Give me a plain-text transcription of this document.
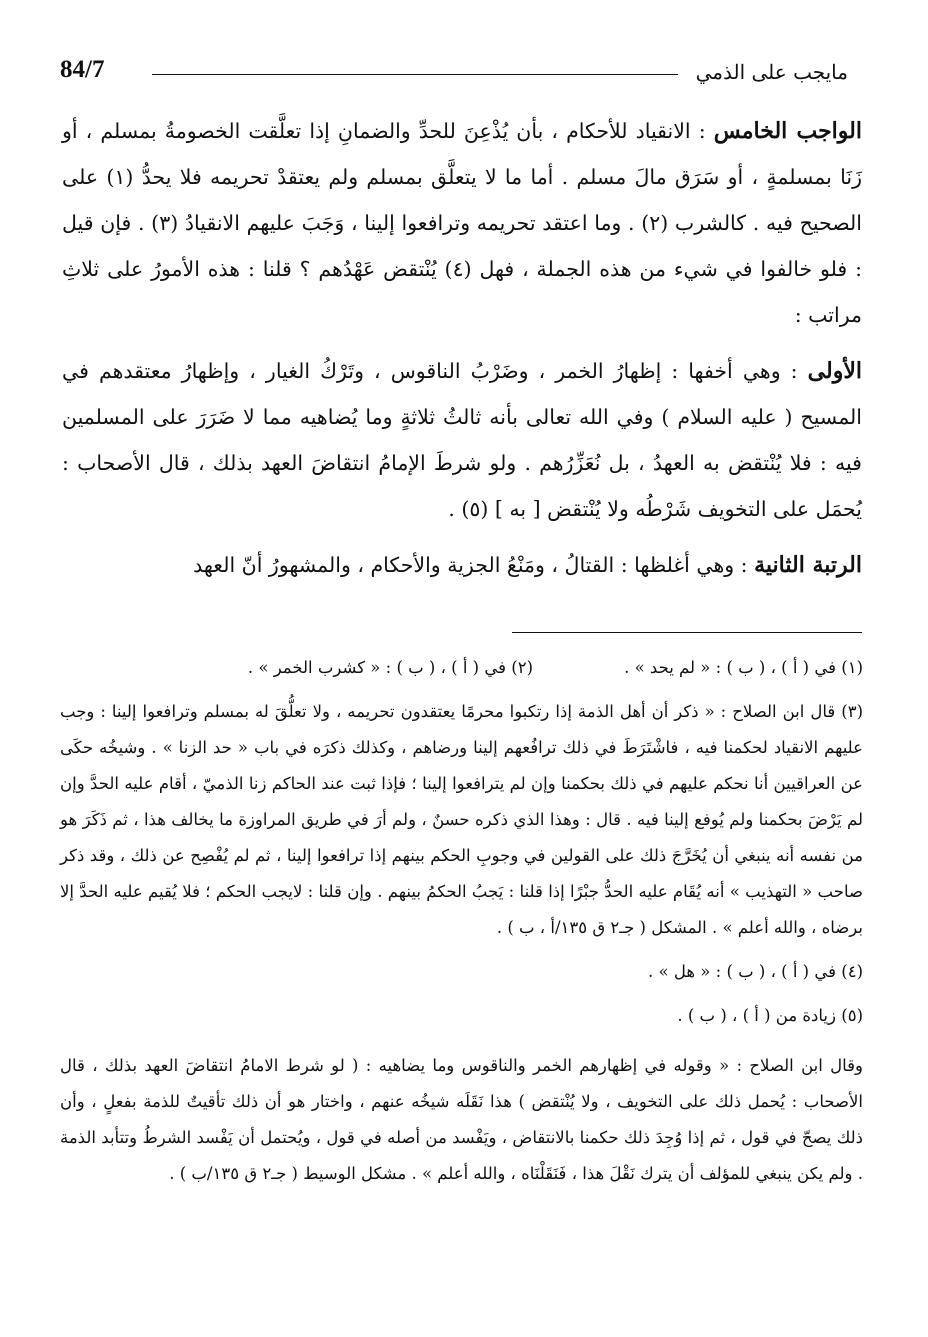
84/7	مايجب على الذمي

الواجب الخامس : الانقياد للأحكام ، بأن يُذْعِنَ للحدِّ والضمانِ إذا تعلَّقت الخصومةُ بمسلم ، أو زَنَا بمسلمةٍ ، أو سَرَق مالَ مسلم . أما ما لا يتعلَّق بمسلم ولم يعتقدْ تحريمه فلا يحدُّ (١) على الصحيح فيه . كالشرب (٢) . وما اعتقد تحريمه وترافعوا إلينا ، وَجَبَ عليهم الانقيادُ (٣) . فإن قيل : فلو خالفوا في شيء من هذه الجملة ، فهل (٤) يُنْتقض عَهْدُهم ؟ قلنا : هذه الأمورُ على ثلاثِ مراتب :

الأولى : وهي أخفها : إظهارُ الخمر ، وضَرْبُ الناقوس ، وتَرْكُ الغيار ، وإظهارُ معتقدهم في المسيح ( عليه السلام ) وفي الله تعالى بأنه ثالثُ ثلاثةٍ وما يُضاهيه مما لا ضَرَرَ على المسلمين فيه : فلا يُنْتقض به العهدُ ، بل نُعَزِّرُهم . ولو شرطَ الإمامُ انتقاضَ العهد بذلك ، قال الأصحاب : يُحمَل على التخويف شَرْطُه ولا يُنْتقض [ به ] (٥) .

الرتبة الثانية : وهي أغلظها : القتالُ ، ومَنْعُ الجزية والأحكام ، والمشهورُ أنّ العهد

(١) في ( أ ) ، ( ب ) : « لم يحد » .
(٢) في ( أ ) ، ( ب ) : « كشرب الخمر » .

(٣) قال ابن الصلاح : « ذكر أن أهل الذمة إذا رتكبوا محرمًا يعتقدون تحريمه ، ولا تعلُّقَ له بمسلم وترافعوا إلينا : وجب عليهم الانقياد لحكمنا فيه ، فاشْتَرَطَ في ذلك ترافُعهم إلينا ورضاهم ، وكذلك ذكرَه في باب « حد الزنا » . وشيخُه حكَى عن العراقيين أنا نحكم عليهم في ذلك بحكمنا وإن لم يترافعوا إلينا ؛ فإذا ثبت عند الحاكم زنا الذميّ ، أقام عليه الحدَّ وإن لم يَرْضَ بحكمنا ولم يُوفع إلينا فيه . قال : وهذا الذي ذكره حسنٌ ، ولم أرَ في طريق المراوزة ما يخالف هذا ، ثم ذَكَرَ هو من نفسه أنه ينبغي أن يُخَرَّجَ ذلك على القولين في وجوبِ الحكم بينهم إذا ترافعوا إلينا ، ثم لم يُفْصِح عن ذلك ، وقد ذكر صاحب « التهذيب » أنه يُقَام عليه الحدُّ جبْرًا إذا قلنا : يَجبُ الحكمُ بينهم . وإن قلنا : لايجب الحكم ؛ فلا يُقيم عليه الحدَّ إلا برضاه ، والله أعلم » . المشكل ( جـ٢ ق ١٣٥/أ ، ب ) .

(٤) في ( أ ) ، ( ب ) : « هل » .

(٥) زيادة من ( أ ) ، ( ب ) .

وقال ابن الصلاح : « وقوله في إظهارهم الخمر والناقوس وما يضاهيه : ( لو شرط الامامُ انتقاضَ العهد بذلك ، قال الأصحاب : يُحمل ذلك على التخويف ، ولا يُنْتقض ) هذا نَقَلَه شيخُه عنهم ، واختار هو أن ذلك تأقيتٌ للذمة بفعلٍ ، وأن ذلك يصحّ في قول ، ثم إذا وُجِدَ ذلك حكمنا بالانتقاض ، ويَفْسد من أصله في قول ، ويُحتمل أن يَفْسد الشرطُ وتتأبد الذمة . ولم يكن ينبغي للمؤلف أن يترك نَقْلَ هذا ، فَنَقَلْنَاه ، والله أعلم » . مشكل الوسيط ( جـ٢ ق ١٣٥/ب ) .
